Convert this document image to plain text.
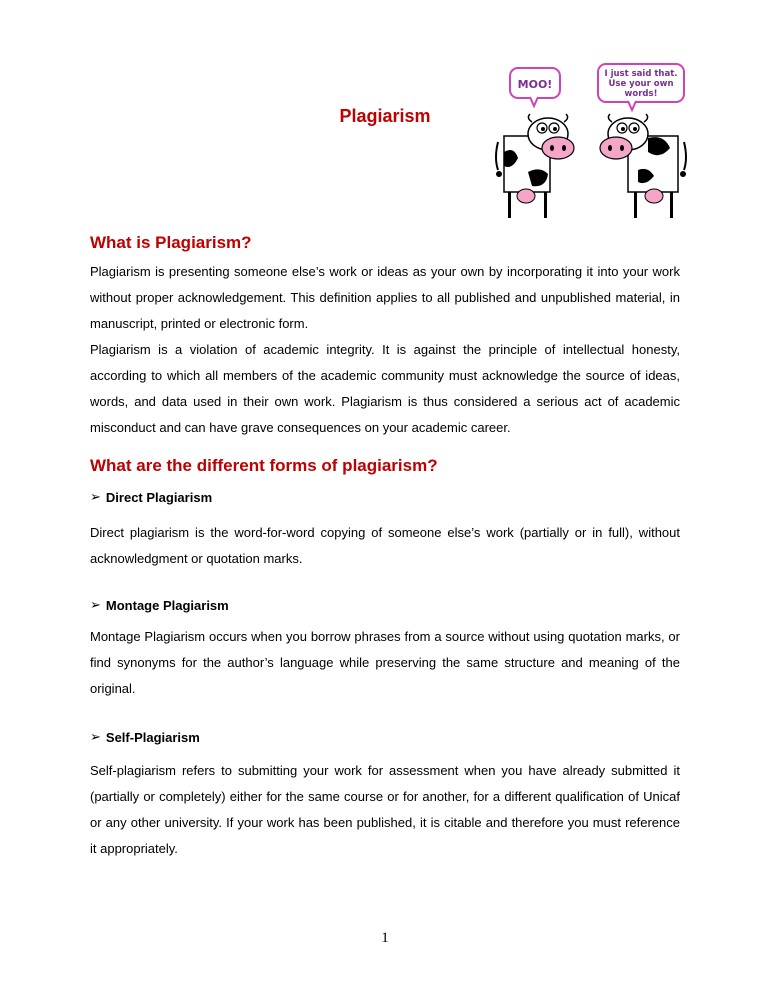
Plagiarism
MOO!
I just said that.
Use your own
words!
What is Plagiarism?

Plagiarism is presenting someone else’s work or ideas as your own by incorporating it into your work without proper acknowledgement. This definition applies to all published and unpublished material, in manuscript, printed or electronic form.

Plagiarism is a violation of academic integrity. It is against the principle of intellectual honesty, according to which all members of the academic community must acknowledge the source of ideas, words, and data used in their own work. Plagiarism is thus considered a serious act of academic misconduct and can have grave consequences on your academic career.

What are the different forms of plagiarism?
➢ Direct Plagiarism

Direct plagiarism is the word-for-word copying of someone else’s work (partially or in full), without acknowledgment or quotation marks.

➢ Montage Plagiarism

Montage Plagiarism occurs when you borrow phrases from a source without using quotation marks, or find synonyms for the author’s language while preserving the same structure and meaning of the original.

➢ Self-Plagiarism

Self-plagiarism refers to submitting your work for assessment when you have already submitted it (partially or completely) either for the same course or for another, for a different qualification of Unicaf or any other university. If your work has been published, it is citable and therefore you must reference it appropriately.

1
